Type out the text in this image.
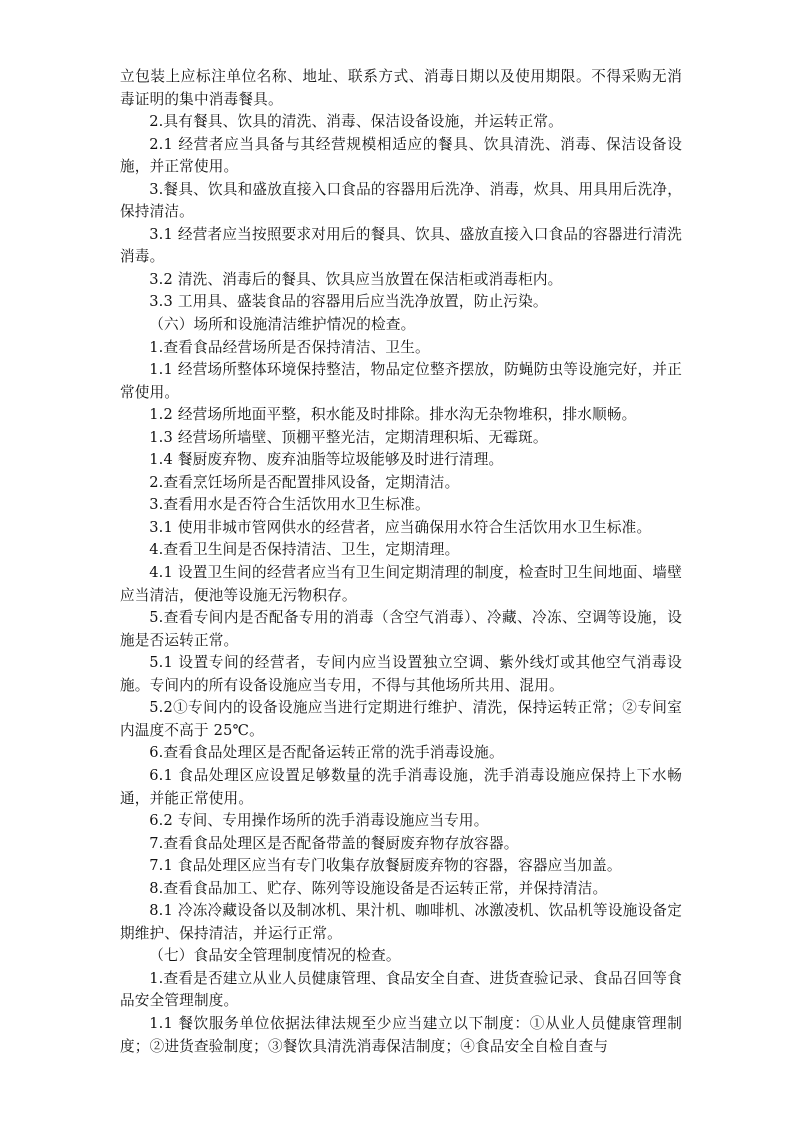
立包装上应标注单位名称、地址、联系方式、消毒日期以及使用期限。不得采购无消毒证明的集中消毒餐具。

2.具有餐具、饮具的清洗、消毒、保洁设备设施，并运转正常。

2.1 经营者应当具备与其经营规模相适应的餐具、饮具清洗、消毒、保洁设备设施，并正常使用。

3.餐具、饮具和盛放直接入口食品的容器用后洗净、消毒，炊具、用具用后洗净，保持清洁。

3.1 经营者应当按照要求对用后的餐具、饮具、盛放直接入口食品的容器进行清洗消毒。

3.2 清洗、消毒后的餐具、饮具应当放置在保洁柜或消毒柜内。

3.3 工用具、盛装食品的容器用后应当洗净放置，防止污染。

（六）场所和设施清洁维护情况的检查。

1.查看食品经营场所是否保持清洁、卫生。

1.1 经营场所整体环境保持整洁，物品定位整齐摆放，防蝇防虫等设施完好，并正常使用。

1.2 经营场所地面平整，积水能及时排除。排水沟无杂物堆积，排水顺畅。

1.3 经营场所墙壁、顶棚平整光洁，定期清理积垢、无霉斑。

1.4 餐厨废弃物、废弃油脂等垃圾能够及时进行清理。

2.查看烹饪场所是否配置排风设备，定期清洁。

3.查看用水是否符合生活饮用水卫生标准。

3.1 使用非城市管网供水的经营者，应当确保用水符合生活饮用水卫生标准。

4.查看卫生间是否保持清洁、卫生，定期清理。

4.1 设置卫生间的经营者应当有卫生间定期清理的制度，检查时卫生间地面、墙壁应当清洁，便池等设施无污物积存。

5.查看专间内是否配备专用的消毒（含空气消毒）、冷藏、冷冻、空调等设施，设施是否运转正常。

5.1 设置专间的经营者，专间内应当设置独立空调、紫外线灯或其他空气消毒设施。专间内的所有设备设施应当专用，不得与其他场所共用、混用。

5.2①专间内的设备设施应当进行定期进行维护、清洗，保持运转正常；②专间室内温度不高于 25℃。

6.查看食品处理区是否配备运转正常的洗手消毒设施。

6.1 食品处理区应设置足够数量的洗手消毒设施，洗手消毒设施应保持上下水畅通，并能正常使用。

6.2 专间、专用操作场所的洗手消毒设施应当专用。

7.查看食品处理区是否配备带盖的餐厨废弃物存放容器。

7.1 食品处理区应当有专门收集存放餐厨废弃物的容器，容器应当加盖。

8.查看食品加工、贮存、陈列等设施设备是否运转正常，并保持清洁。

8.1 冷冻冷藏设备以及制冰机、果汁机、咖啡机、冰激凌机、饮品机等设施设备定期维护、保持清洁，并运行正常。

（七）食品安全管理制度情况的检查。

1.查看是否建立从业人员健康管理、食品安全自查、进货查验记录、食品召回等食品安全管理制度。

1.1 餐饮服务单位依据法律法规至少应当建立以下制度：①从业人员健康管理制度；②进货查验制度；③餐饮具清洗消毒保洁制度；④食品安全自检自查与
